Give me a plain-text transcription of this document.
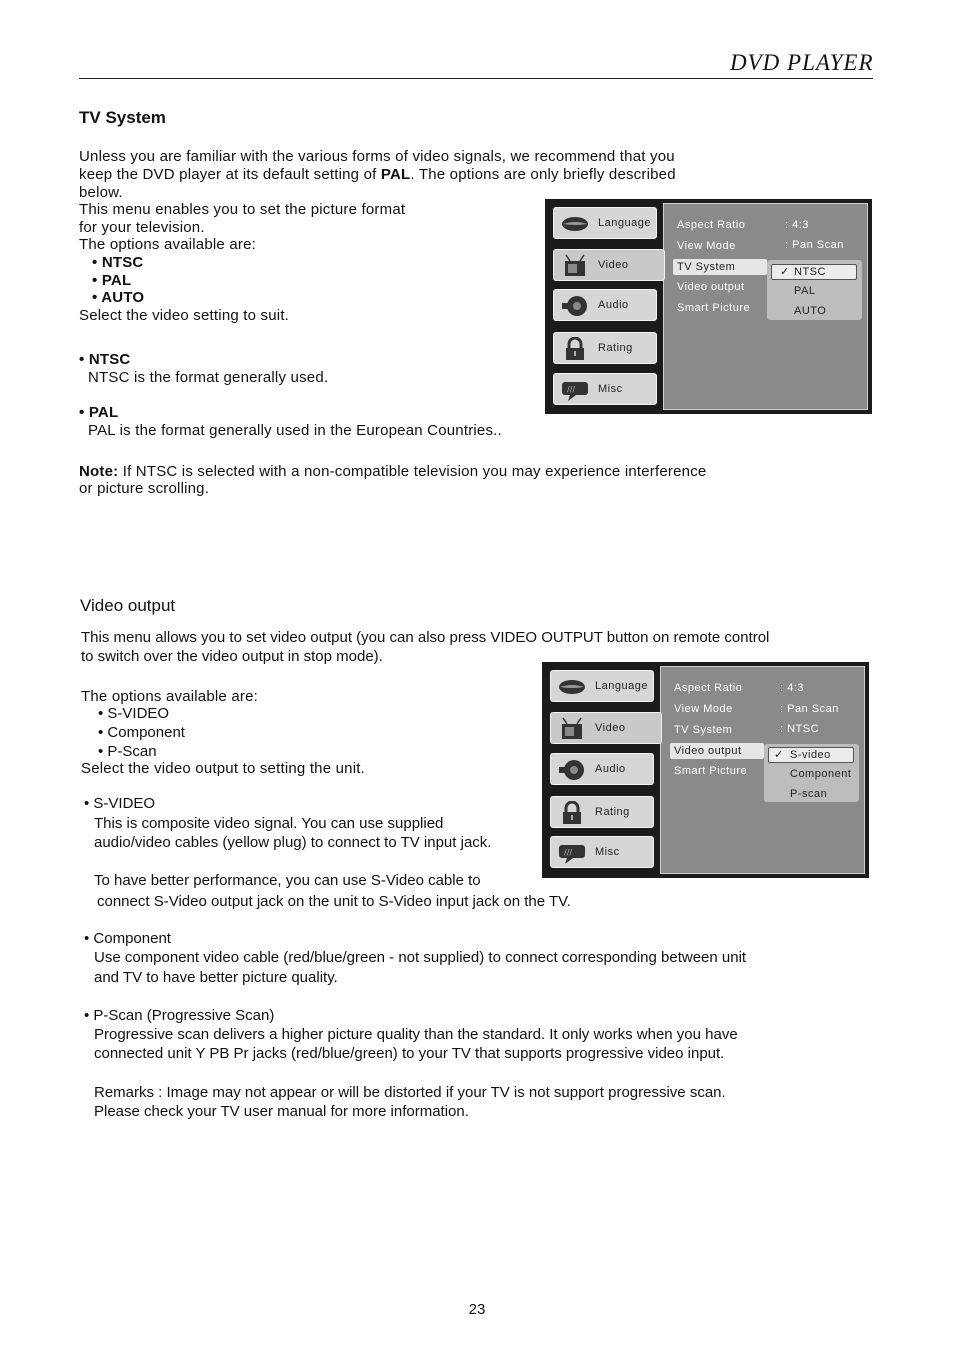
DVD PLAYER
TV System
Unless you are familiar with the various forms of video signals, we recommend that you
keep the DVD player at its default setting of PAL. The options are only briefly described
below.
This menu enables you to set the picture format
for your television.
The options available are:
• NTSC
• PAL
• AUTO
Select the video setting to suit.
• NTSC
NTSC is the format generally used.
• PAL
PAL is the format generally used in the European Countries..
Note: If NTSC is selected with a non-compatible television you may experience interference
or picture scrolling.
Language
Video
Audio
Rating
/// Misc
Aspect Ratio	: 4:3
View Mode	: Pan Scan
TV System
Video output
Smart Picture
✓ NTSC
PAL
AUTO
Video output
This menu allows you to set video output (you can also press VIDEO OUTPUT button on remote control
to switch over the video output in stop mode).
The options available are:
• S-VIDEO
• Component
• P-Scan
Select the video output to setting the unit.
• S-VIDEO
This is composite video signal. You can use supplied
audio/video cables (yellow plug) to connect to TV input jack.
To have better performance, you can use S-Video cable to
connect S-Video output jack on the unit to S-Video input jack on the TV.
• Component
Use component video cable (red/blue/green - not supplied) to connect corresponding between unit
and TV to have better picture quality.
• P-Scan (Progressive Scan)
Progressive scan delivers a higher picture quality than the standard. It only works when you have
connected unit Y PB Pr jacks (red/blue/green) to your TV that supports progressive video input.
Remarks : Image may not appear or will be distorted if your TV is not support progressive scan.
Please check your TV user manual for more information.
Language
Video
Audio
Rating
/// Misc
Aspect Ratio	: 4:3
View Mode	: Pan Scan
TV System	: NTSC
Video output
Smart Picture
✓ S-video
Component
P-scan
23
